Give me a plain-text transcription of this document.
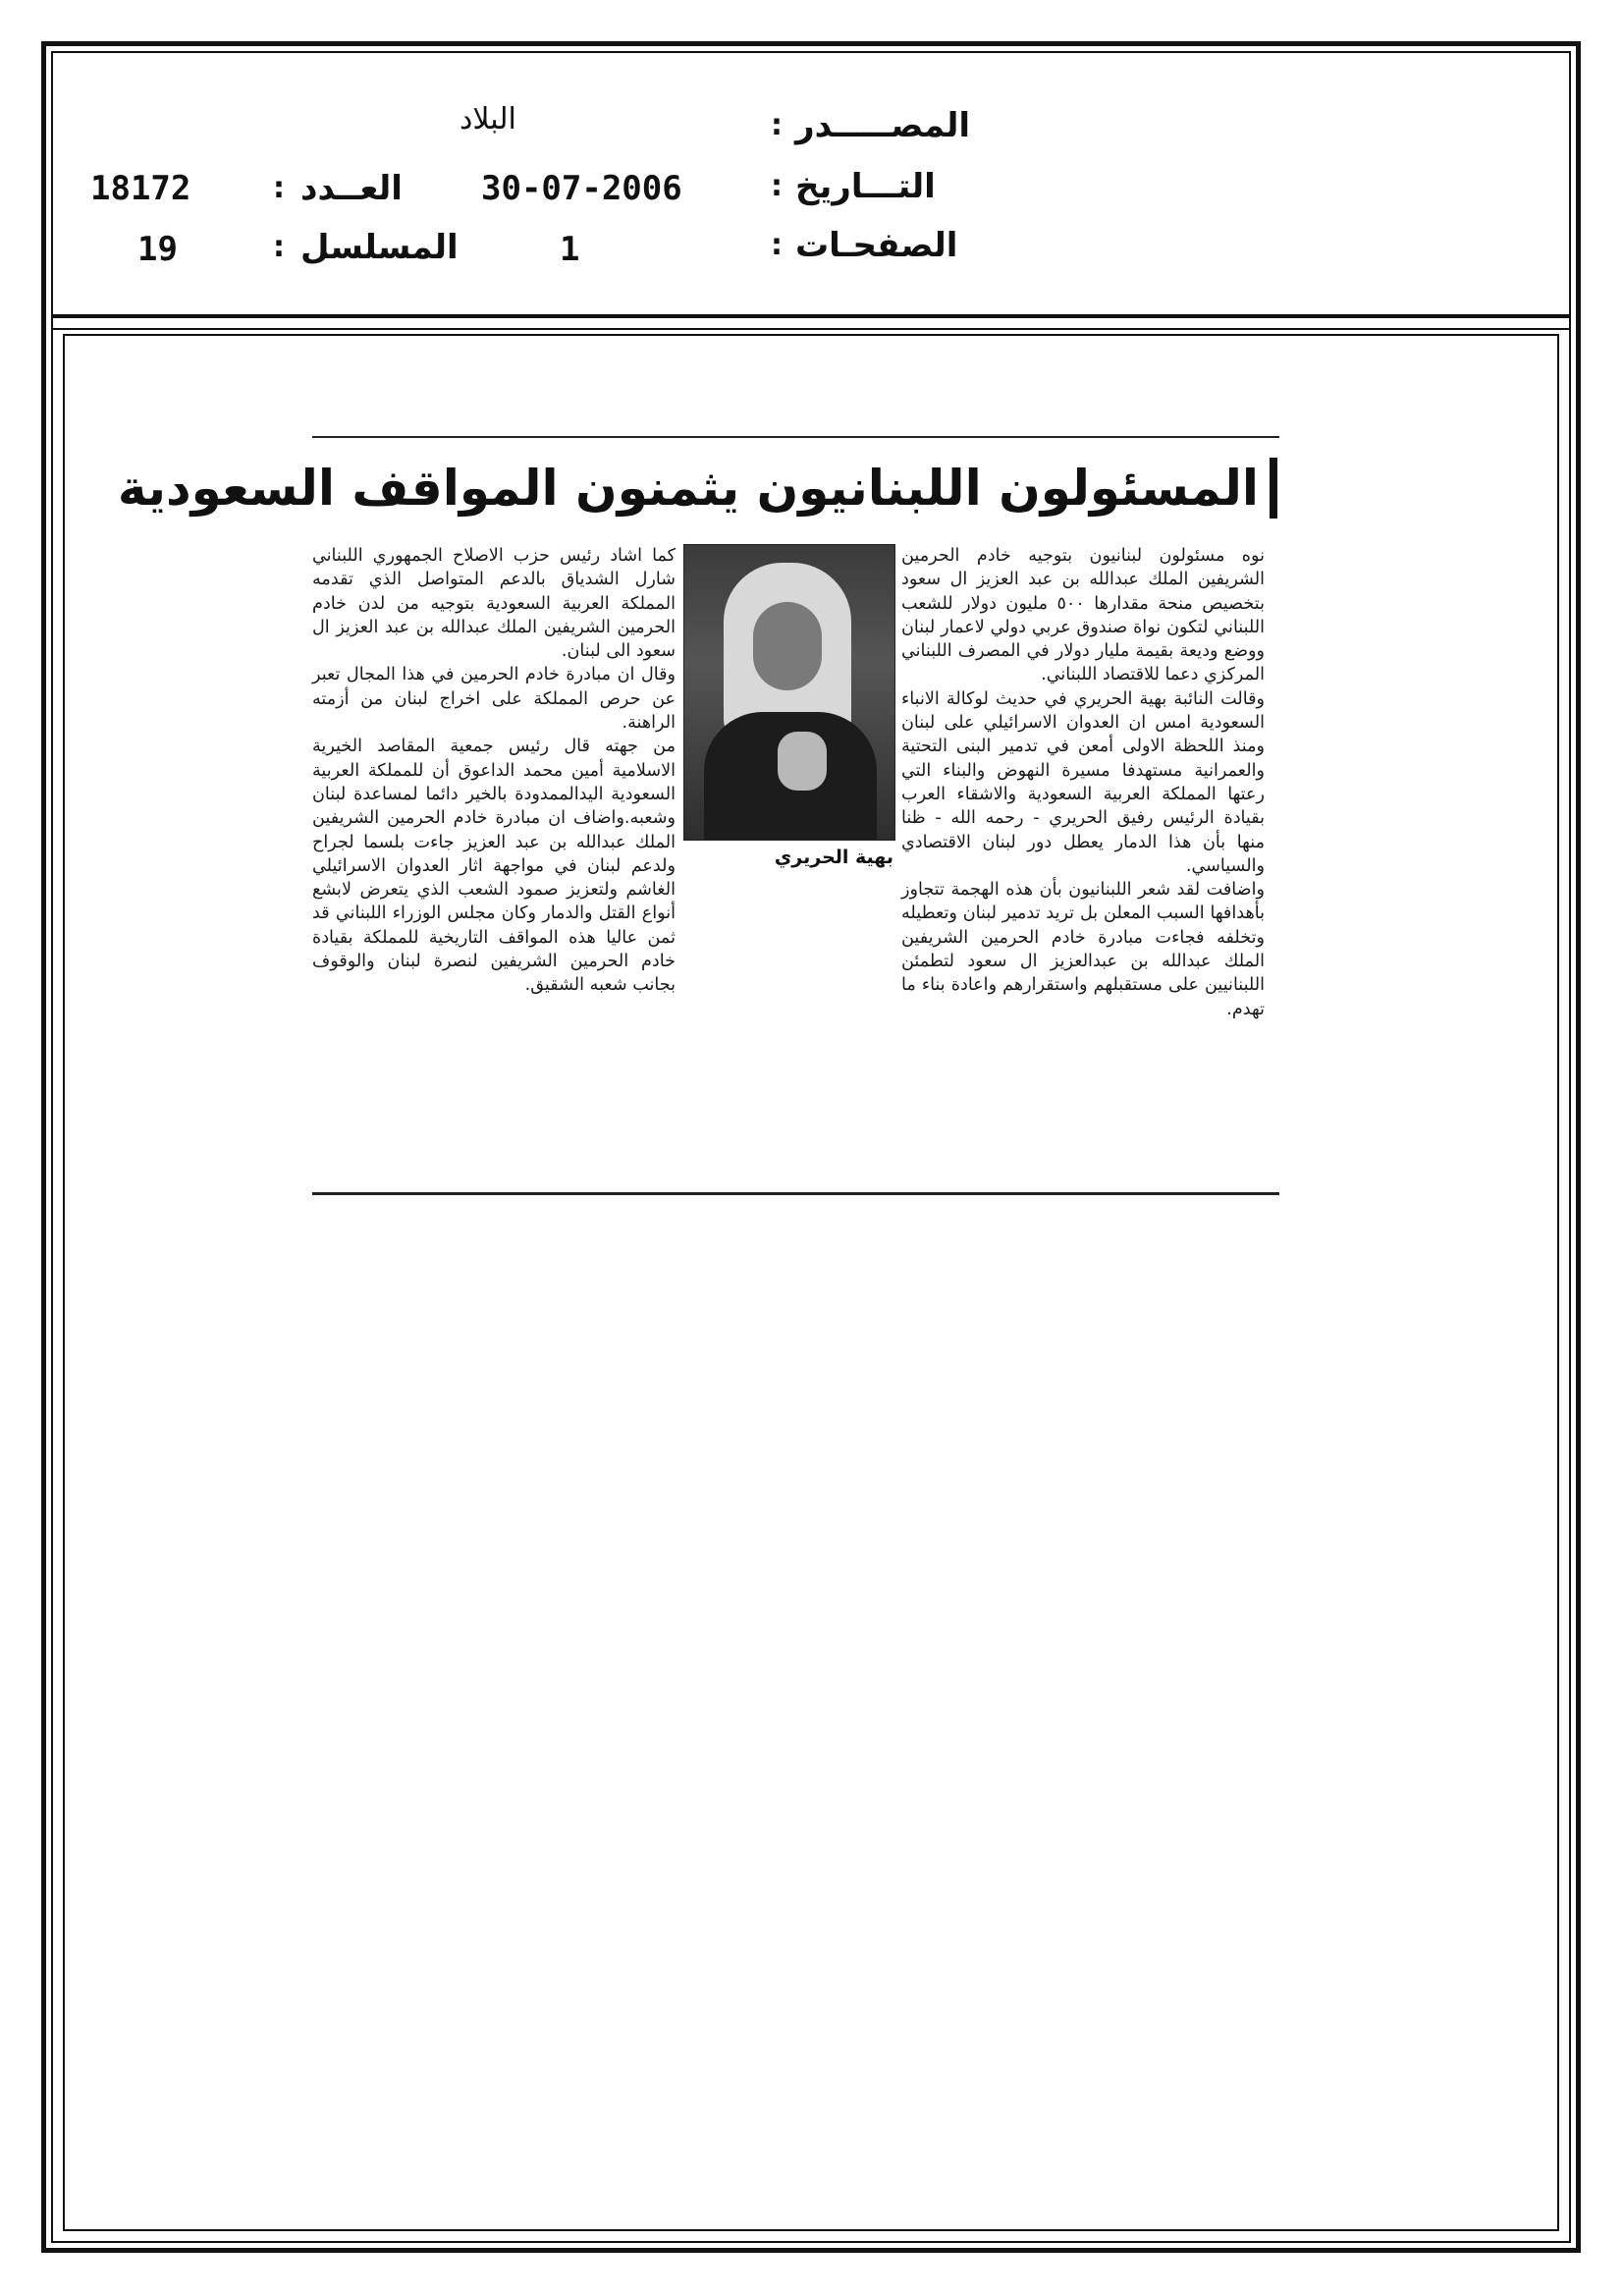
المصـــــدر
:
البلاد
التـــاريخ
:
30-07-2006
العــدد
:
18172
الصفحـات
:
1
المسلسل
:
19
المسئولون اللبنانيون يثمنون المواقف السعودية

نوه مسئولون لبنانيون بتوجيه خادم الحرمين الشريفين الملك عبدالله بن عبد العزيز ال سعود بتخصيص منحة مقدارها ٥٠٠ مليون دولار للشعب اللبناني لتكون نواة صندوق عربي دولي لاعمار لبنان ووضع وديعة بقيمة مليار دولار في المصرف اللبناني المركزي دعما للاقتصاد اللبناني.

وقالت النائبة بهية الحريري في حديث لوكالة الانباء السعودية امس ان العدوان الاسرائيلي على لبنان ومنذ اللحظة الاولى أمعن في تدمير البنى التحتية والعمرانية مستهدفا مسيرة النهوض والبناء التي رعتها المملكة العربية السعودية والاشقاء العرب بقيادة الرئيس رفيق الحريري - رحمه الله - ظنا منها بأن هذا الدمار يعطل دور لبنان الاقتصادي والسياسي.

واضافت لقد شعر اللبنانيون بأن هذه الهجمة تتجاوز بأهدافها السبب المعلن بل تريد تدمير لبنان وتعطيله وتخلفه فجاءت مبادرة خادم الحرمين الشريفين الملك عبدالله بن عبدالعزيز ال سعود لتطمئن اللبنانيين على مستقبلهم واستقرارهم واعادة بناء ما تهدم.

بهية الحريري

كما اشاد رئيس حزب الاصلاح الجمهوري اللبناني شارل الشدياق بالدعم المتواصل الذي تقدمه المملكة العربية السعودية بتوجيه من لدن خادم الحرمين الشريفين الملك عبدالله بن عبد العزيز ال سعود الى لبنان.

وقال ان مبادرة خادم الحرمين في هذا المجال تعبر عن حرص المملكة على اخراج لبنان من أزمته الراهنة.

من جهته قال رئيس جمعية المقاصد الخيرية الاسلامية أمين محمد الداعوق أن للمملكة العربية السعودية اليدالممدودة بالخير دائما لمساعدة لبنان وشعبه.واضاف ان مبادرة خادم الحرمين الشريفين الملك عبدالله بن عبد العزيز جاءت بلسما لجراح ولدعم لبنان في مواجهة اثار العدوان الاسرائيلي الغاشم ولتعزيز صمود الشعب الذي يتعرض لابشع أنواع القتل والدمار وكان مجلس الوزراء اللبناني قد ثمن عاليا هذه المواقف التاريخية للمملكة بقيادة خادم الحرمين الشريفين لنصرة لبنان والوقوف بجانب شعبه الشقيق.
